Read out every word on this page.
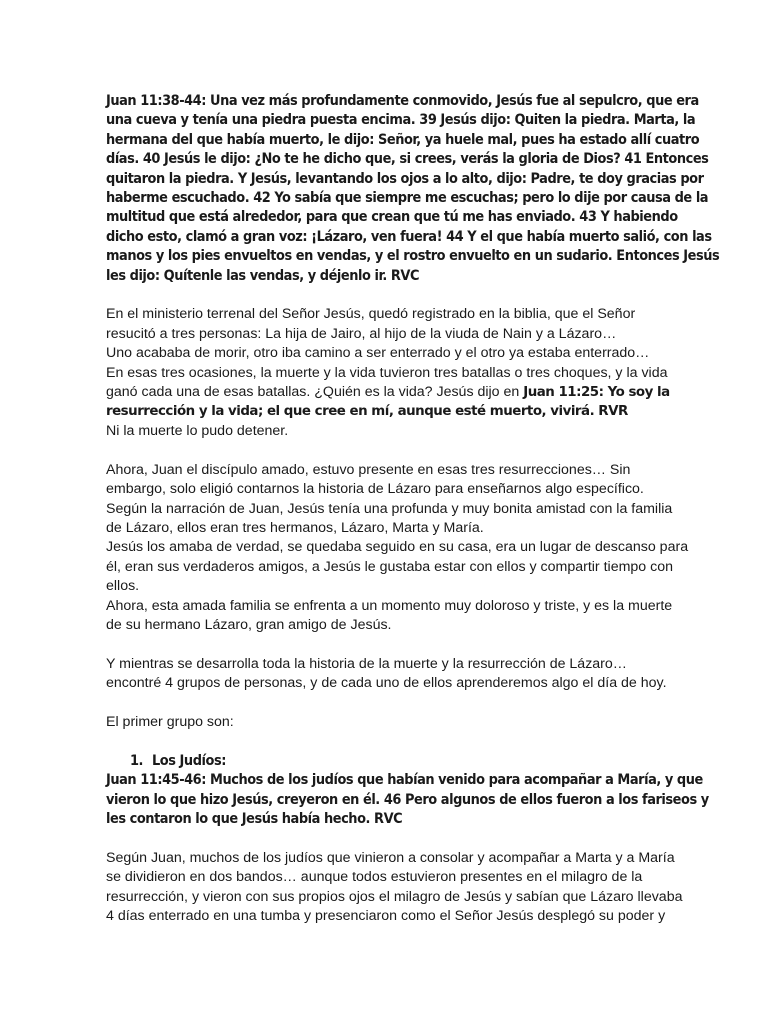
Juan 11:38-44: Una vez más profundamente conmovido, Jesús fue al sepulcro, que era
una cueva y tenía una piedra puesta encima. 39 Jesús dijo: Quiten la piedra. Marta, la
hermana del que había muerto, le dijo: Señor, ya huele mal, pues ha estado allí cuatro
días. 40 Jesús le dijo: ¿No te he dicho que, si crees, verás la gloria de Dios? 41 Entonces
quitaron la piedra. Y Jesús, levantando los ojos a lo alto, dijo: Padre, te doy gracias por
haberme escuchado. 42 Yo sabía que siempre me escuchas; pero lo dije por causa de la
multitud que está alrededor, para que crean que tú me has enviado. 43 Y habiendo
dicho esto, clamó a gran voz: ¡Lázaro, ven fuera! 44 Y el que había muerto salió, con las
manos y los pies envueltos en vendas, y el rostro envuelto en un sudario. Entonces Jesús
les dijo: Quítenle las vendas, y déjenlo ir. RVC
En el ministerio terrenal del Señor Jesús, quedó registrado en la biblia, que el Señor
resucitó a tres personas: La hija de Jairo, al hijo de la viuda de Nain y a Lázaro…
Uno acababa de morir, otro iba camino a ser enterrado y el otro ya estaba enterrado…
En esas tres ocasiones, la muerte y la vida tuvieron tres batallas o tres choques, y la vida
ganó cada una de esas batallas. ¿Quién es la vida? Jesús dijo en Juan 11:25: Yo soy la
resurrección y la vida; el que cree en mí, aunque esté muerto, vivirá. RVR
Ni la muerte lo pudo detener.
Ahora, Juan el discípulo amado, estuvo presente en esas tres resurrecciones… Sin
embargo, solo eligió contarnos la historia de Lázaro para enseñarnos algo específico.
Según la narración de Juan, Jesús tenía una profunda y muy bonita amistad con la familia
de Lázaro, ellos eran tres hermanos, Lázaro, Marta y María.
Jesús los amaba de verdad, se quedaba seguido en su casa, era un lugar de descanso para
él, eran sus verdaderos amigos, a Jesús le gustaba estar con ellos y compartir tiempo con
ellos.
Ahora, esta amada familia se enfrenta a un momento muy doloroso y triste, y es la muerte
de su hermano Lázaro, gran amigo de Jesús.
Y mientras se desarrolla toda la historia de la muerte y la resurrección de Lázaro…
encontré 4 grupos de personas, y de cada uno de ellos aprenderemos algo el día de hoy.
El primer grupo son:
1. Los Judíos:
Juan 11:45-46: Muchos de los judíos que habían venido para acompañar a María, y que
vieron lo que hizo Jesús, creyeron en él. 46 Pero algunos de ellos fueron a los fariseos y
les contaron lo que Jesús había hecho. RVC
Según Juan, muchos de los judíos que vinieron a consolar y acompañar a Marta y a María
se dividieron en dos bandos… aunque todos estuvieron presentes en el milagro de la
resurrección, y vieron con sus propios ojos el milagro de Jesús y sabían que Lázaro llevaba
4 días enterrado en una tumba y presenciaron como el Señor Jesús desplegó su poder y
